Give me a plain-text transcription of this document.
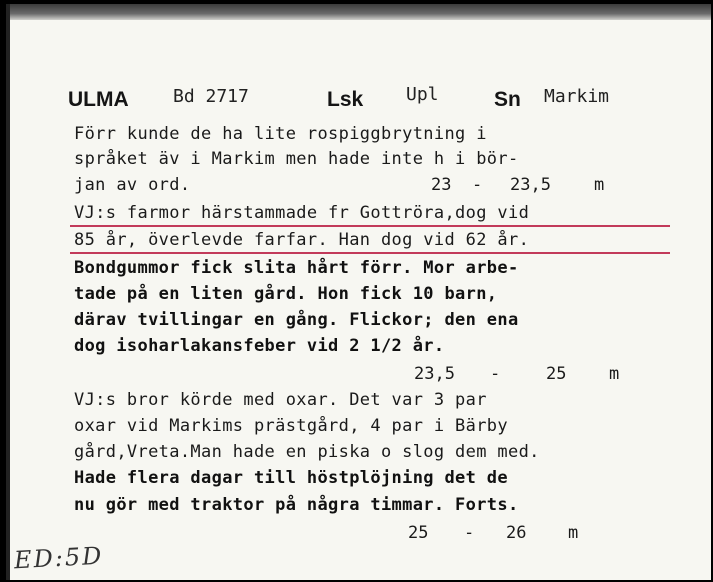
ULMA Bd 2717	Lsk Upl	Sn Markim
Förr kunde de ha lite rospiggbrytning i
språket äv i Markim men hade inte h i bör-
jan av ord.	23 - 23,5	m
VJ:s farmor härstammade fr Gottröra,dog vid
85 år, överlevde farfar. Han dog vid 62 år.
Bondgummor fick slita hårt förr. Mor arbe-
tade på en liten gård. Hon fick 10 barn,
därav tvillingar en gång. Flickor; den ena
dog isoharlakansfeber vid 2 1/2 år.
23,5 -	25	m
VJ:s bror körde med oxar. Det var 3 par
oxar vid Markims prästgård, 4 par i Bärby
gård,Vreta.Man hade en piska o slog dem med.
Hade flera dagar till höstplöjning det de
nu gör med traktor på några timmar. Forts.
25 - 26 m
ED:5D
